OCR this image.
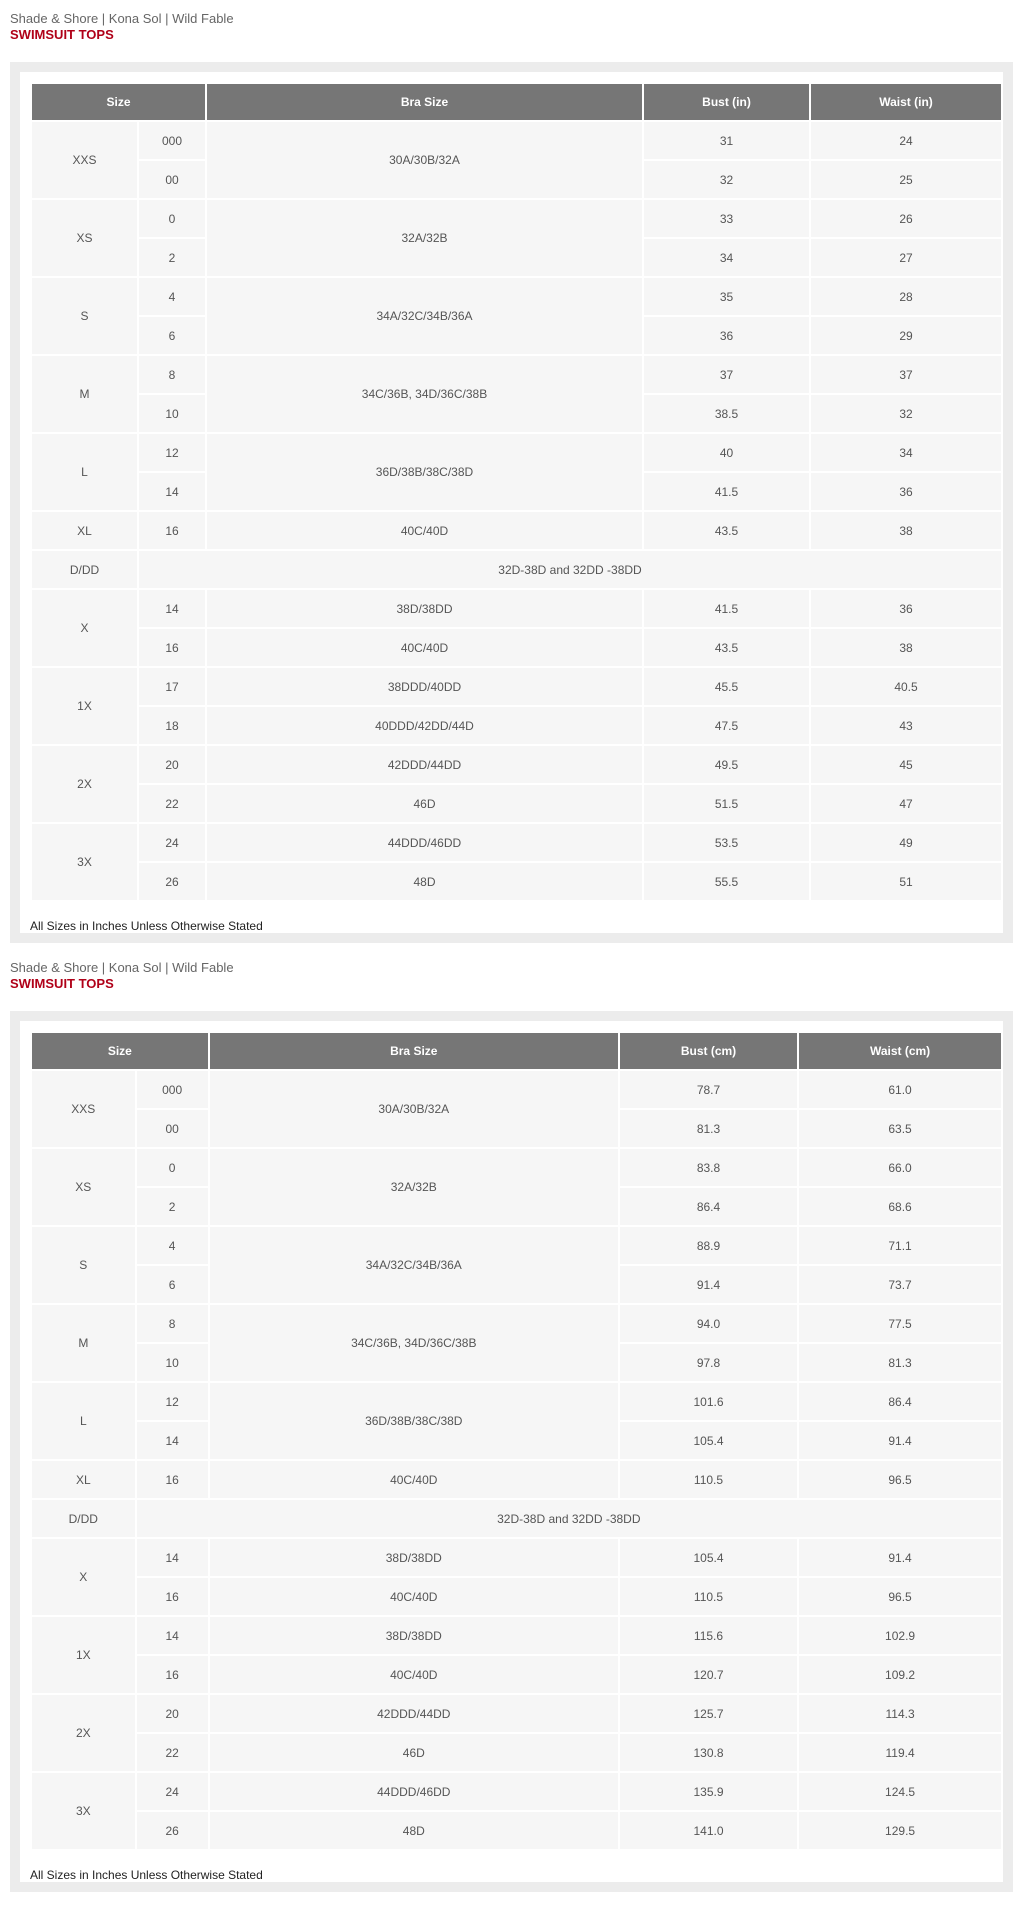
Shade & Shore | Kona Sol | Wild Fable
SWIMSUIT TOPS
Size		Bra Size	Bust (in)	Waist (in)
XXS	000	30A/30B/32A	31	24
	00		32	25
XS	0	32A/32B	33	26
	2		34	27
S	4	34A/32C/34B/36A	35	28
	6		36	29
M	8	34C/36B, 34D/36C/38B	37	37
	10		38.5	32
L	12	36D/38B/38C/38D	40	34
	14		41.5	36
XL	16	40C/40D	43.5	38
D/DD	32D-38D and 32DD -38DD			
X	14	38D/38DD	41.5	36
	16	40C/40D	43.5	38
1X	17	38DDD/40DD	45.5	40.5
	18	40DDD/42DD/44D	47.5	43
2X	20	42DDD/44DD	49.5	45
	22	46D	51.5	47
3X	24	44DDD/46DD	53.5	49
	26	48D	55.5	51
All Sizes in Inches Unless Otherwise Stated
Shade & Shore | Kona Sol | Wild Fable
SWIMSUIT TOPS
Size		Bra Size	Bust (cm)	Waist (cm)
XXS	000	30A/30B/32A	78.7	61.0
	00		81.3	63.5
XS	0	32A/32B	83.8	66.0
	2		86.4	68.6
S	4	34A/32C/34B/36A	88.9	71.1
	6		91.4	73.7
M	8	34C/36B, 34D/36C/38B	94.0	77.5
	10		97.8	81.3
L	12	36D/38B/38C/38D	101.6	86.4
	14		105.4	91.4
XL	16	40C/40D	110.5	96.5
D/DD	32D-38D and 32DD -38DD			
X	14	38D/38DD	105.4	91.4
	16	40C/40D	110.5	96.5
1X	14	38D/38DD	115.6	102.9
	16	40C/40D	120.7	109.2
2X	20	42DDD/44DD	125.7	114.3
	22	46D	130.8	119.4
3X	24	44DDD/46DD	135.9	124.5
	26	48D	141.0	129.5
All Sizes in Inches Unless Otherwise Stated
